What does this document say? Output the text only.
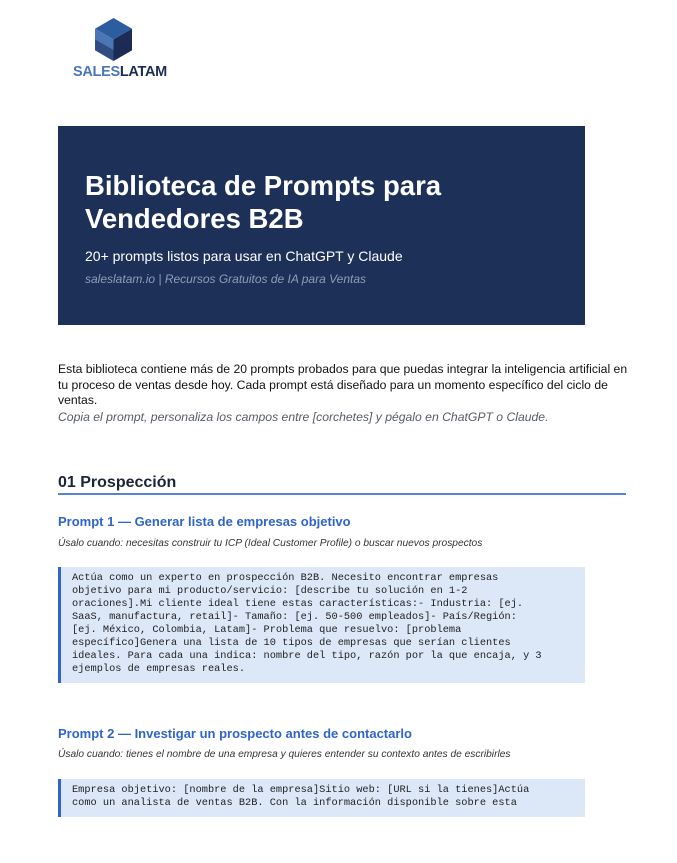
SALESLATAM
Biblioteca de Prompts para Vendedores B2B
20+ prompts listos para usar en ChatGPT y Claude
saleslatam.io | Recursos Gratuitos de IA para Ventas
Esta biblioteca contiene más de 20 prompts probados para que puedas integrar la inteligencia artificial en tu proceso de ventas desde hoy. Cada prompt está diseñado para un momento específico del ciclo de ventas.
Copia el prompt, personaliza los campos entre [corchetes] y pégalo en ChatGPT o Claude.
01 Prospección
Prompt 1 — Generar lista de empresas objetivo
Úsalo cuando: necesitas construir tu ICP (Ideal Customer Profile) o buscar nuevos prospectos
Actúa como un experto en prospección B2B. Necesito encontrar empresas
objetivo para mi producto/servicio: [describe tu solución en 1-2
oraciones].Mi cliente ideal tiene estas características:- Industria: [ej.
SaaS, manufactura, retail]- Tamaño: [ej. 50-500 empleados]- País/Región:
[ej. México, Colombia, Latam]- Problema que resuelvo: [problema
específico]Genera una lista de 10 tipos de empresas que serían clientes
ideales. Para cada una indica: nombre del tipo, razón por la que encaja, y 3
ejemplos de empresas reales.
Prompt 2 — Investigar un prospecto antes de contactarlo
Úsalo cuando: tienes el nombre de una empresa y quieres entender su contexto antes de escribirles
Empresa objetivo: [nombre de la empresa]Sitio web: [URL si la tienes]Actúa
como un analista de ventas B2B. Con la información disponible sobre esta
